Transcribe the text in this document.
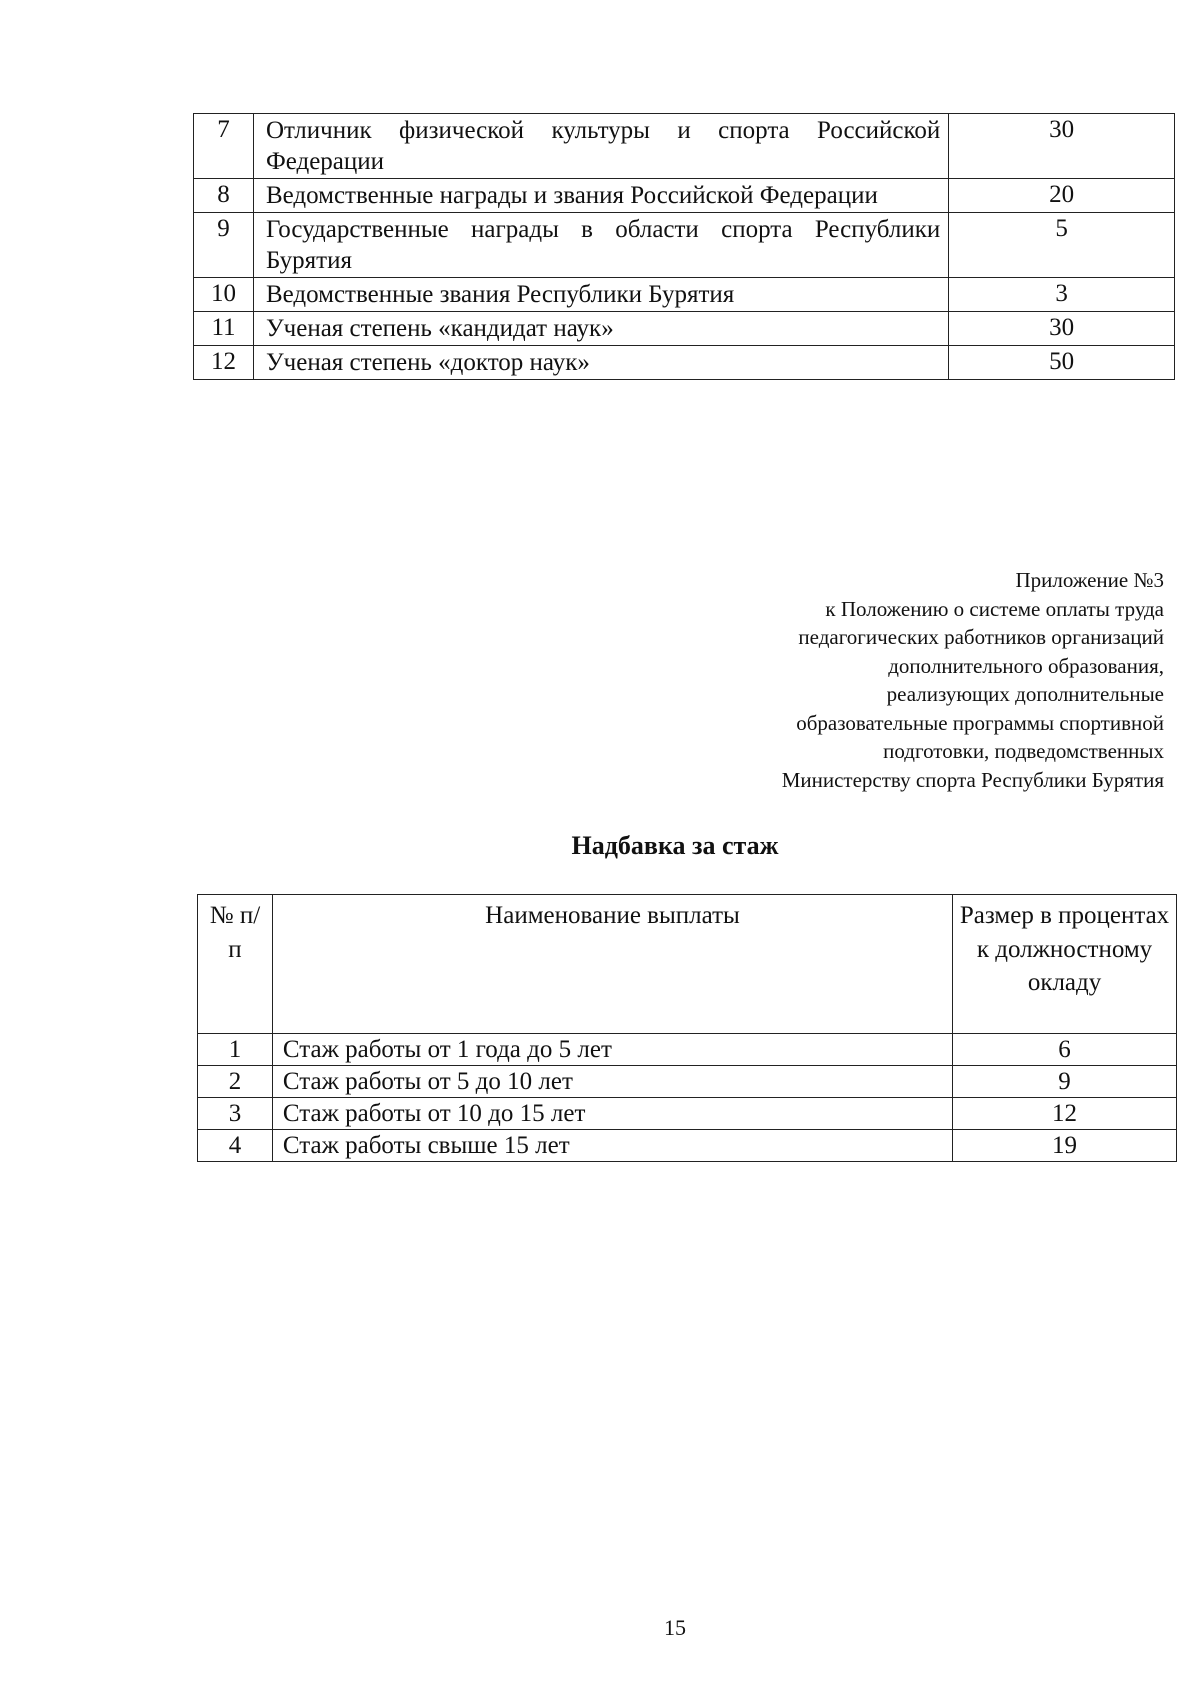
7	Отличник физической культуры и спорта Российской Федерации	30
8	Ведомственные награды и звания Российской Федерации	20
9	Государственные награды в области спорта Республики Бурятия	5
10	Ведомственные звания Республики Бурятия	3
11	Ученая степень «кандидат наук»	30
12	Ученая степень «доктор наук»	50
Приложение №3
к Положению о системе оплаты труда
педагогических работников организаций
дополнительного образования,
реализующих дополнительные
образовательные программы спортивной
подготовки, подведомственных
Министерству спорта Республики Бурятия
Надбавка за стаж
№ п/п	Наименование выплаты	Размер в процентах к должностному окладу
1	Стаж работы от 1 года до 5 лет	6
2	Стаж работы от 5 до 10 лет	9
3	Стаж работы от 10 до 15 лет	12
4	Стаж работы свыше 15 лет	19
15
